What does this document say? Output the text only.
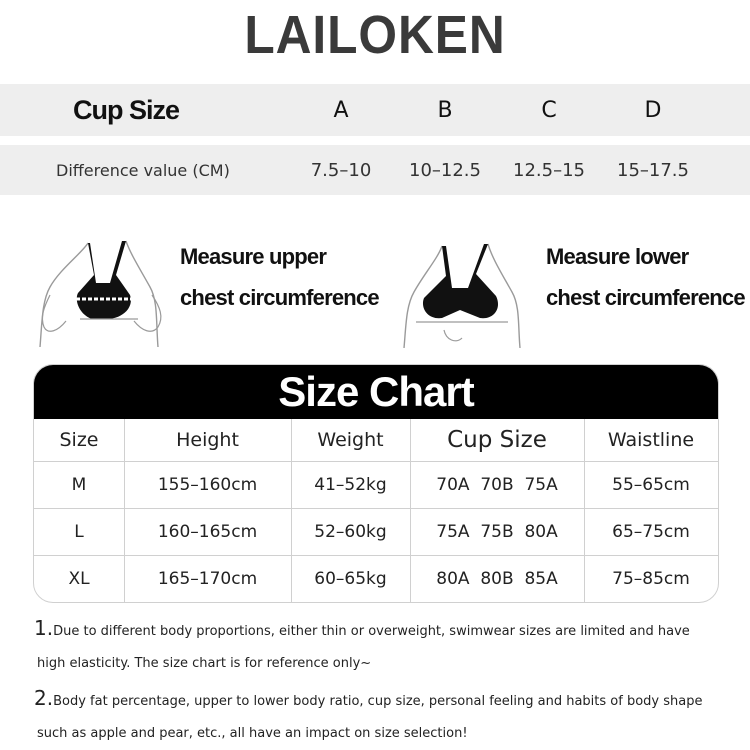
LAILOKEN
Cup Size	A	B	C	D
Difference value (CM)	7.5–10	10–12.5	12.5–15	15–17.5
Measure upper
chest circumference
Measure lower
chest circumference
Size Chart
Size	Height	Weight	Cup Size	Waistline
M	155–160cm	41–52kg	70A  70B  75A	55–65cm
L	160–165cm	52–60kg	75A  75B  80A	65–75cm
XL	165–170cm	60–65kg	80A  80B  85A	75–85cm
1.Due to different body proportions, either thin or overweight, swimwear sizes are limited and have
high elasticity. The size chart is for reference only~
2.Body fat percentage, upper to lower body ratio, cup size, personal feeling and habits of body shape
such as apple and pear, etc., all have an impact on size selection!
